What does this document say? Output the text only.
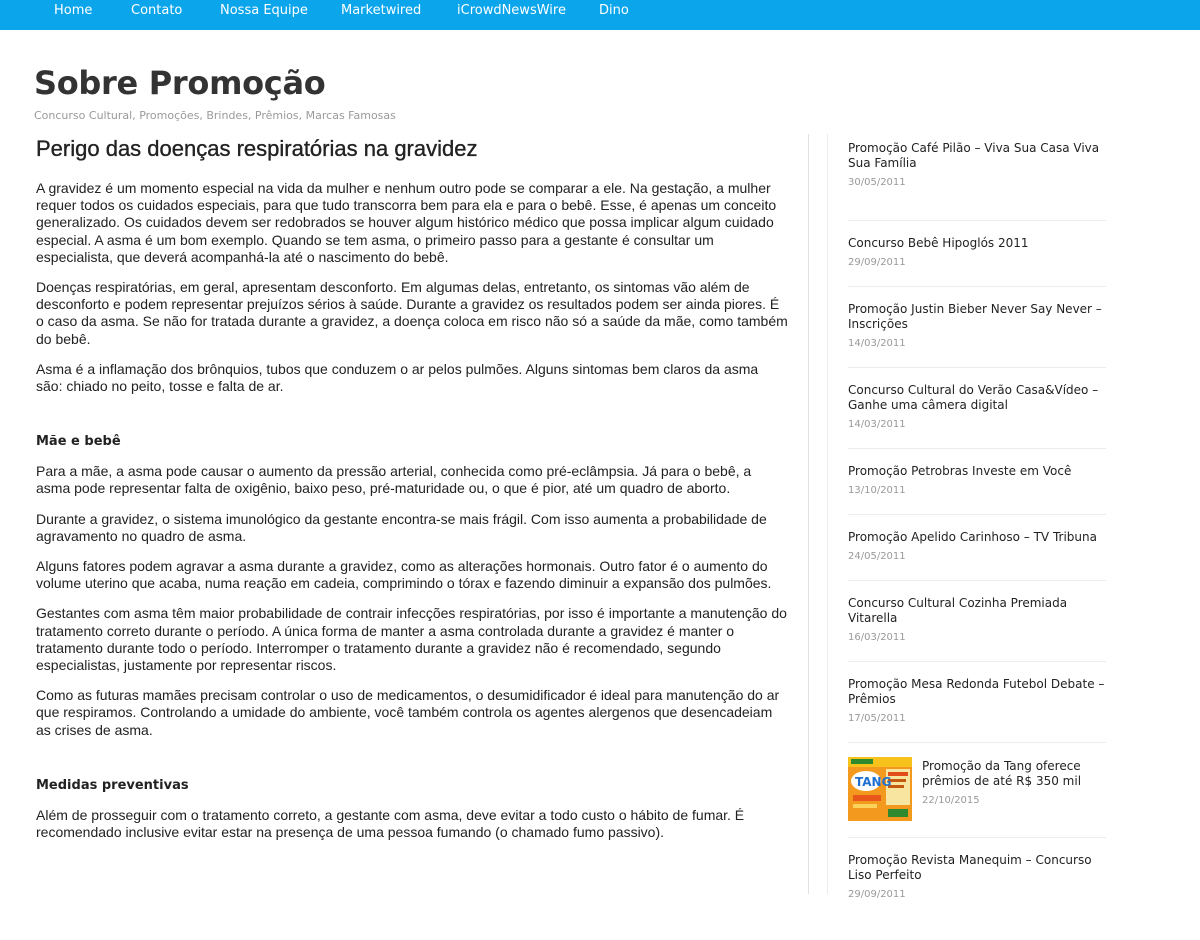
Home	Contato	Nossa Equipe	Marketwired	iCrowdNewsWire	Dino
Sobre Promoção
Concurso Cultural, Promoções, Brindes, Prêmios, Marcas Famosas
Perigo das doenças respiratórias na gravidez

A gravidez é um momento especial na vida da mulher e nenhum outro pode se comparar a ele. Na gestação, a mulher requer todos os cuidados especiais, para que tudo transcorra bem para ela e para o bebê. Esse, é apenas um conceito generalizado. Os cuidados devem ser redobrados se houver algum histórico médico que possa implicar algum cuidado especial. A asma é um bom exemplo. Quando se tem asma, o primeiro passo para a gestante é consultar um especialista, que deverá acompanhá-la até o nascimento do bebê.

Doenças respiratórias, em geral, apresentam desconforto. Em algumas delas, entretanto, os sintomas vão além de desconforto e podem representar prejuízos sérios à saúde. Durante a gravidez os resultados podem ser ainda piores. É o caso da asma. Se não for tratada durante a gravidez, a doença coloca em risco não só a saúde da mãe, como também do bebê.

Asma é a inflamação dos brônquios, tubos que conduzem o ar pelos pulmões. Alguns sintomas bem claros da asma são: chiado no peito, tosse e falta de ar.

Mãe e bebê

Para a mãe, a asma pode causar o aumento da pressão arterial, conhecida como pré-eclâmpsia. Já para o bebê, a asma pode representar falta de oxigênio, baixo peso, pré-maturidade ou, o que é pior, até um quadro de aborto.

Durante a gravidez, o sistema imunológico da gestante encontra-se mais frágil. Com isso aumenta a probabilidade de agravamento no quadro de asma.

Alguns fatores podem agravar a asma durante a gravidez, como as alterações hormonais. Outro fator é o aumento do volume uterino que acaba, numa reação em cadeia, comprimindo o tórax e fazendo diminuir a expansão dos pulmões.

Gestantes com asma têm maior probabilidade de contrair infecções respiratórias, por isso é importante a manutenção do tratamento correto durante o período. A única forma de manter a asma controlada durante a gravidez é manter o tratamento durante todo o período. Interromper o tratamento durante a gravidez não é recomendado, segundo especialistas, justamente por representar riscos.

Como as futuras mamães precisam controlar o uso de medicamentos, o desumidificador é ideal para manutenção do ar que respiramos. Controlando a umidade do ambiente, você também controla os agentes alergenos que desencadeiam as crises de asma.

Medidas preventivas

Além de prosseguir com o tratamento correto, a gestante com asma, deve evitar a todo custo o hábito de fumar. É recomendado inclusive evitar estar na presença de uma pessoa fumando (o chamado fumo passivo).

Promoção Café Pilão – Viva Sua Casa Viva Sua Família
30/05/2011
Concurso Bebê Hipoglós 2011
29/09/2011
Promoção Justin Bieber Never Say Never – Inscrições
14/03/2011
Concurso Cultural do Verão Casa&Vídeo – Ganhe uma câmera digital
14/03/2011
Promoção Petrobras Investe em Você
13/10/2011
Promoção Apelido Carinhoso – TV Tribuna
24/05/2011
Concurso Cultural Cozinha Premiada Vitarella
16/03/2011
Promoção Mesa Redonda Futebol Debate – Prêmios
17/05/2011
TANG
Promoção da Tang oferece prêmios de até R$ 350 mil
22/10/2015
Promoção Revista Manequim – Concurso Liso Perfeito
29/09/2011
